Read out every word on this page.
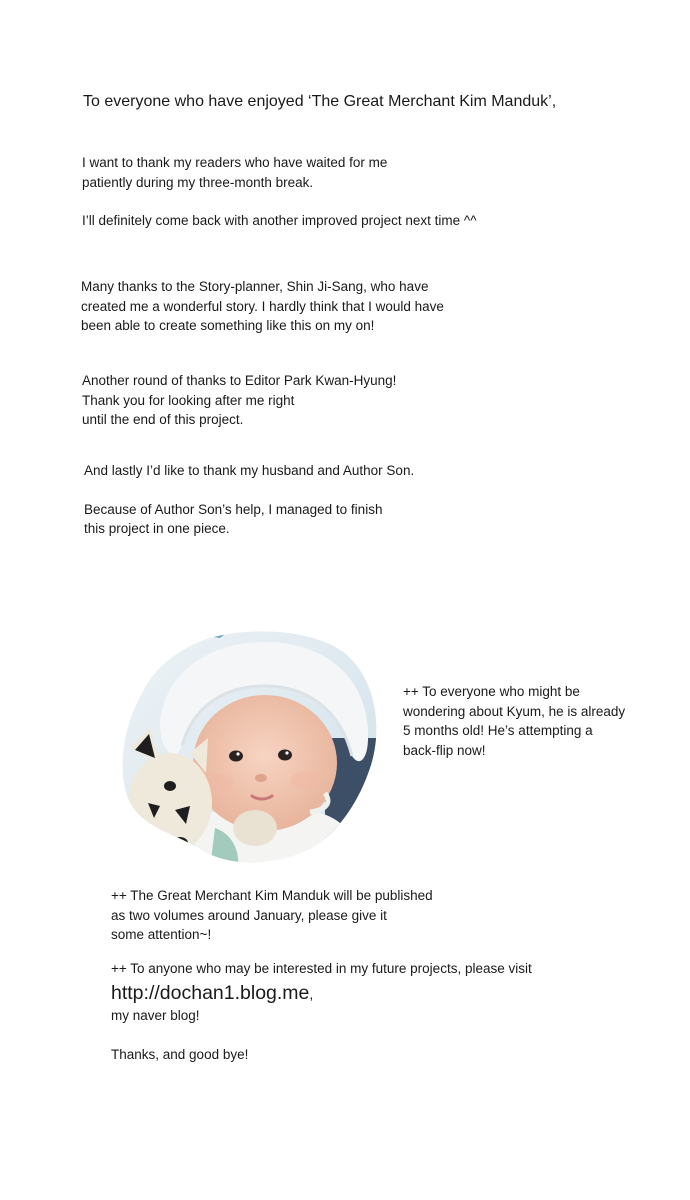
To everyone who have enjoyed ‘The Great Merchant Kim Manduk’,
I want to thank my readers who have waited for me
patiently during my three-month break.
I’ll definitely come back with another improved project next time ^^
Many thanks to the Story-planner, Shin Ji-Sang, who have
created me a wonderful story. I hardly think that I would have
been able to create something like this on my on!
Another round of thanks to Editor Park Kwan-Hyung!
Thank you for looking after me right
until the end of this project.
And lastly I’d like to thank my husband and Author Son.
Because of Author Son’s help, I managed to finish
this project in one piece.
++ To everyone who might be
wondering about Kyum, he is already
5 months old! He’s attempting a
back-flip now!
++ The Great Merchant Kim Manduk will be published
as two volumes around January, please give it
some attention~!
++ To anyone who may be interested in my future projects, please visit
http://dochan1.blog.me,
my naver blog!
Thanks, and good bye!
